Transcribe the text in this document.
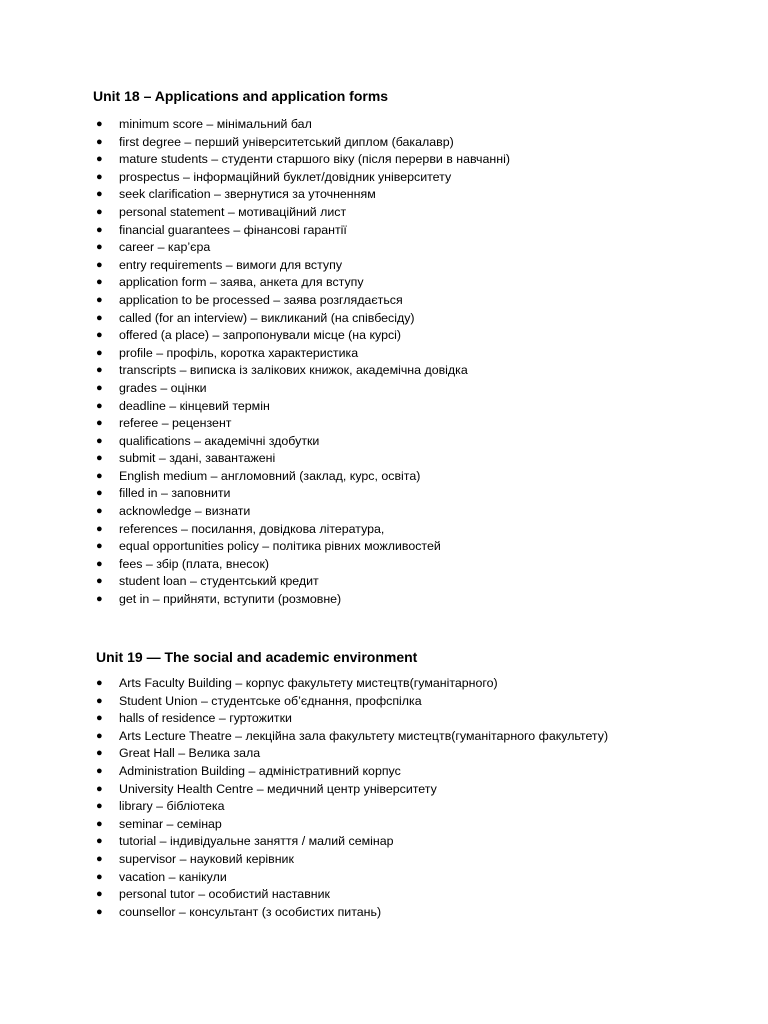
Unit 18 – Applications and application forms
● minimum score – мінімальний бал
● first degree – перший університетський диплом (бакалавр)
● mature students – студенти старшого віку (після перерви в навчанні)
● prospectus – інформаційний буклет/довідник університету
● seek clarification – звернутися за уточненням
● personal statement – мотиваційний лист
● financial guarantees – фінансові гарантії
● career – кар’єра
● entry requirements – вимоги для вступу
● application form – заява, анкета для вступу
● application to be processed – заява розглядається
● called (for an interview) – викликаний (на співбесіду)
● offered (a place) – запропонували місце (на курсі)
● profile – профіль, коротка характеристика
● transcripts – виписка із залікових книжок, академічна довідка
● grades – оцінки
● deadline – кінцевий термін
● referee – рецензент
● qualifications – академічні здобутки
● submit – здані, завантажені
● English medium – англомовний (заклад, курс, освіта)
● filled in – заповнити
● acknowledge – визнати
● references – посилання, довідкова література,
● equal opportunities policy – політика рівних можливостей
● fees – збір (плата, внесок)
● student loan – студентський кредит
● get in – прийняти, вступити (розмовне)
Unit 19 — The social and academic environment
● Arts Faculty Building – корпус факультету мистецтв(гуманітарного)
● Student Union – студентське об’єднання, профспілка
● halls of residence – гуртожитки
● Arts Lecture Theatre – лекційна зала факультету мистецтв(гуманітарного факультету)
● Great Hall – Велика зала
● Administration Building – адміністративний корпус
● University Health Centre – медичний центр університету
● library – бібліотека
● seminar – семінар
● tutorial – індивідуальне заняття / малий семінар
● supervisor – науковий керівник
● vacation – канікули
● personal tutor – особистий наставник
● counsellor – консультант (з особистих питань)
